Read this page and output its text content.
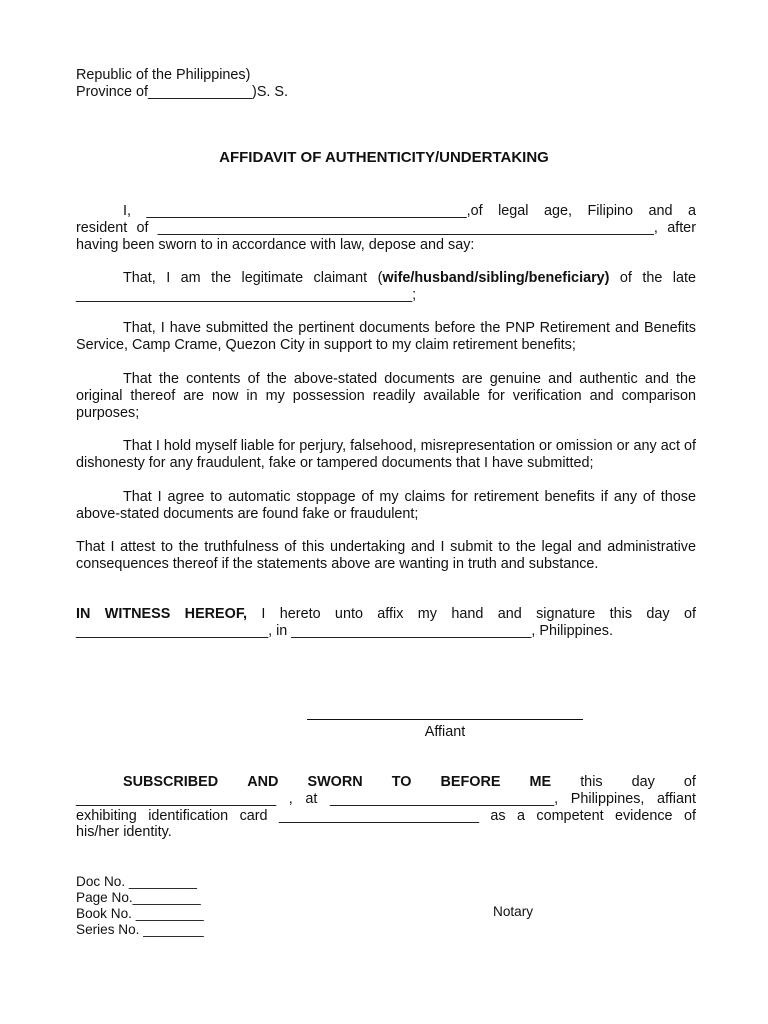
Republic of the Philippines)
Province of_____________)S. S.
AFFIDAVIT OF AUTHENTICITY/UNDERTAKING
I, ________________________________________,of legal age, Filipino and a
resident of ______________________________________________________________, after
having been sworn to in accordance with law, depose and say:
That, I am the legitimate claimant (wife/husband/sibling/beneficiary) of the late
__________________________________________;
That, I have submitted the pertinent documents before the PNP Retirement and Benefits Service, Camp Crame, Quezon City in support to my claim retirement benefits;
That the contents of the above-stated documents are genuine and authentic and the original thereof are now in my possession readily available for verification and comparison purposes;
That I hold myself liable for perjury, falsehood, misrepresentation or omission or any act of dishonesty for any fraudulent, fake or tampered documents that I have submitted;
That I agree to automatic stoppage of my claims for retirement benefits if any of those above-stated documents are found fake or fraudulent;
That I attest to the truthfulness of this undertaking and I submit to the legal and administrative consequences thereof if the statements above are wanting in truth and substance.
IN WITNESS HEREOF, I hereto unto affix my hand and signature this day of
________________________, in ______________________________, Philippines.
Affiant
SUBSCRIBED AND SWORN TO BEFORE ME this day of
_________________________ , at ____________________________, Philippines, affiant
exhibiting identification card _________________________ as a competent evidence of
his/her identity.
Doc No. _________
Page No._________
Book No. _________
Series No. ________
Notary
